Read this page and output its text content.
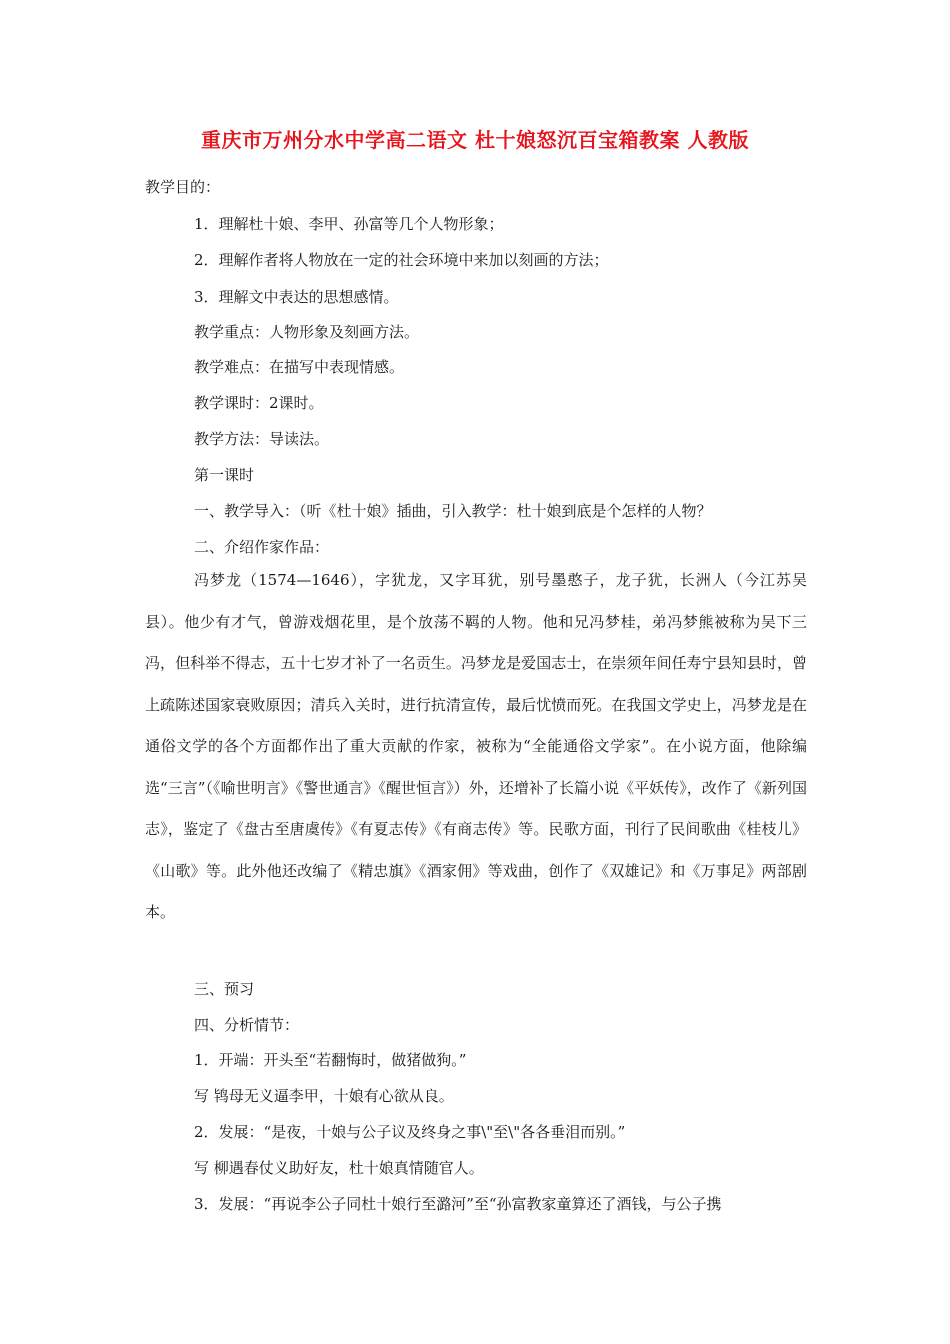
重庆市万州分水中学高二语文 杜十娘怒沉百宝箱教案 人教版
教学目的：
1．理解杜十娘、李甲、孙富等几个人物形象；
2．理解作者将人物放在一定的社会环境中来加以刻画的方法；
3．理解文中表达的思想感情。
教学重点：人物形象及刻画方法。
教学难点：在描写中表现情感。
教学课时：2课时。
教学方法：导读法。
第一课时
一、教学导入：（听《杜十娘》插曲，引入教学：杜十娘到底是个怎样的人物？
二、介绍作家作品：
冯梦龙（1574—1646），字犹龙，又字耳犹，别号墨憨子，龙子犹，长洲人（今江苏吴县）。他少有才气，曾游戏烟花里，是个放荡不羁的人物。他和兄冯梦桂，弟冯梦熊被称为吴下三冯，但科举不得志，五十七岁才补了一名贡生。冯梦龙是爱国志士，在崇须年间任寿宁县知县时，曾上疏陈述国家衰败原因；清兵入关时，进行抗清宣传，最后忧愤而死。在我国文学史上，冯梦龙是在通俗文学的各个方面都作出了重大贡献的作家，被称为“全能通俗文学家”。在小说方面，他除编选“三言”（《喻世明言》《警世通言》《醒世恒言》）外，还增补了长篇小说《平妖传》，改作了《新列国志》，鉴定了《盘古至唐虞传》《有夏志传》《有商志传》等。民歌方面，刊行了民间歌曲《桂枝儿》《山歌》等。此外他还改编了《精忠旗》《酒家佣》等戏曲，创作了《双雄记》和《万事足》两部剧本。
三、预习
四、分析情节：
1．开端：开头至“若翻悔时，做猪做狗。”
写 鸨母无义逼李甲，十娘有心欲从良。
2．发展：“是夜，十娘与公子议及终身之事\"至\"各各垂泪而别。”
写 柳遇春仗义助好友，杜十娘真情随官人。
3．发展：“再说李公子同杜十娘行至潞河”至“孙富教家童算还了酒钱，与公子携
